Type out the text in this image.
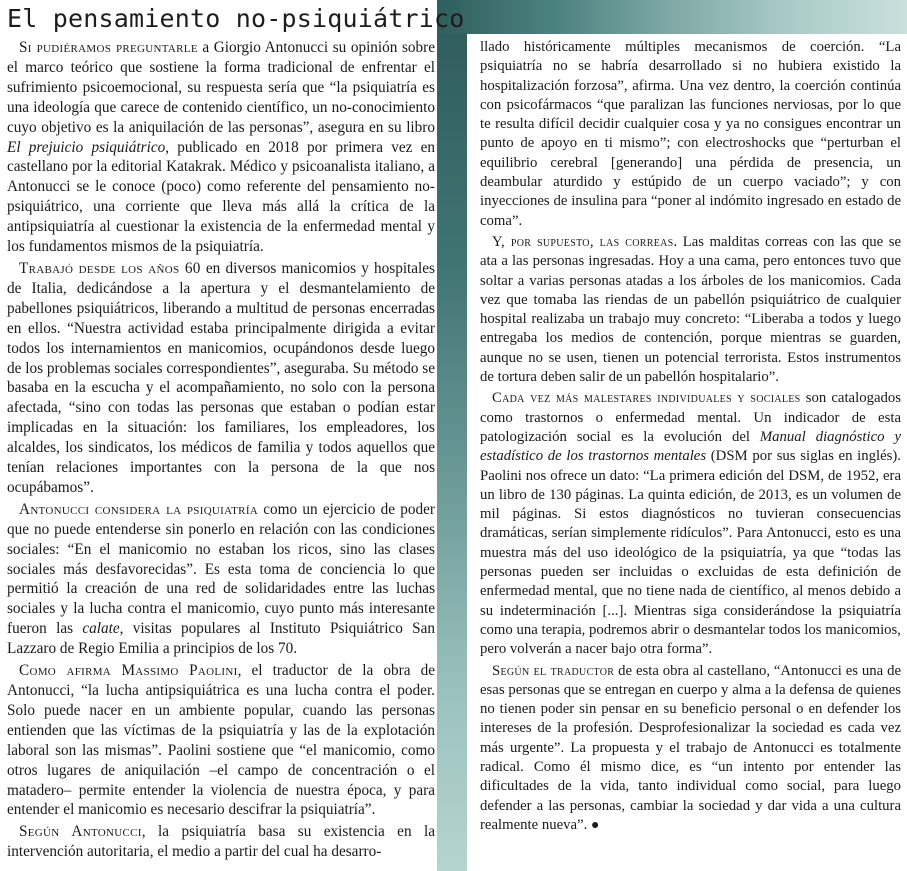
El pensamiento no-psiquiátrico

Si pudiéramos preguntarle a Giorgio Antonucci su opinión sobre el marco teórico que sostiene la forma tradicional de enfrentar el sufrimiento psicoemocional, su respuesta sería que “la psiquiatría es una ideología que carece de contenido científico, un no-conocimiento cuyo objetivo es la aniquilación de las personas”, asegura en su libro El prejuicio psiquiátrico, publicado en 2018 por primera vez en castellano por la editorial Katakrak. Médico y psicoanalista italiano, a Antonucci se le conoce (poco) como referente del pensamiento no-psiquiátrico, una corriente que lleva más allá la crítica de la antipsiquiatría al cuestionar la existencia de la enfermedad mental y los fundamentos mismos de la psiquiatría.

Trabajó desde los años 60 en diversos manicomios y hospitales de Italia, dedicándose a la apertura y el desmantelamiento de pabellones psiquiátricos, liberando a multitud de personas encerradas en ellos. “Nuestra actividad estaba principalmente dirigida a evitar todos los internamientos en manicomios, ocupándonos desde luego de los problemas sociales correspondientes”, aseguraba. Su método se basaba en la escucha y el acompañamiento, no solo con la persona afectada, “sino con todas las personas que estaban o podían estar implicadas en la situación: los familiares, los empleadores, los alcaldes, los sindicatos, los médicos de familia y todos aquellos que tenían relaciones importantes con la persona de la que nos ocupábamos”.

Antonucci considera la psiquiatría como un ejercicio de poder que no puede entenderse sin ponerlo en relación con las condiciones sociales: “En el manicomio no estaban los ricos, sino las clases sociales más desfavorecidas”. Es esta toma de conciencia lo que permitió la creación de una red de solidaridades entre las luchas sociales y la lucha contra el manicomio, cuyo punto más interesante fueron las calate, visitas populares al Instituto Psiquiátrico San Lazzaro de Regio Emilia a principios de los 70.

Como afirma Massimo Paolini, el traductor de la obra de Antonucci, “la lucha antipsiquiátrica es una lucha contra el poder. Solo puede nacer en un ambiente popular, cuando las personas entienden que las víctimas de la psiquiatría y las de la explotación laboral son las mismas”. Paolini sostiene que “el manicomio, como otros lugares de aniquilación –el campo de concentración o el matadero– permite entender la violencia de nuestra época, y para entender el manicomio es necesario descifrar la psiquiatría”.

Según Antonucci, la psiquiatría basa su existencia en la intervención autoritaria, el medio a partir del cual ha desarro-

llado históricamente múltiples mecanismos de coerción. “La psiquiatría no se habría desarrollado si no hubiera existido la hospitalización forzosa”, afirma. Una vez dentro, la coerción continúa con psicofármacos “que paralizan las funciones nerviosas, por lo que te resulta difícil decidir cualquier cosa y ya no consigues encontrar un punto de apoyo en ti mismo”; con electroshocks que “perturban el equilibrio cerebral [generando] una pérdida de presencia, un deambular aturdido y estúpido de un cuerpo vaciado”; y con inyecciones de insulina para “poner al indómito ingresado en estado de coma”.

Y, por supuesto, las correas. Las malditas correas con las que se ata a las personas ingresadas. Hoy a una cama, pero entonces tuvo que soltar a varias personas atadas a los árboles de los manicomios. Cada vez que tomaba las riendas de un pabellón psiquiátrico de cualquier hospital realizaba un trabajo muy concreto: “Liberaba a todos y luego entregaba los medios de contención, porque mientras se guarden, aunque no se usen, tienen un potencial terrorista. Estos instrumentos de tortura deben salir de un pabellón hospitalario”.

Cada vez más malestares individuales y sociales son catalogados como trastornos o enfermedad mental. Un indicador de esta patologización social es la evolución del Manual diagnóstico y estadístico de los trastornos mentales (DSM por sus siglas en inglés). Paolini nos ofrece un dato: “La primera edición del DSM, de 1952, era un libro de 130 páginas. La quinta edición, de 2013, es un volumen de mil páginas. Si estos diagnósticos no tuvieran consecuencias dramáticas, serían simplemente ridículos”. Para Antonucci, esto es una muestra más del uso ideológico de la psiquiatría, ya que “todas las personas pueden ser incluidas o excluidas de esta definición de enfermedad mental, que no tiene nada de científico, al menos debido a su indeterminación [...]. Mientras siga considerándose la psiquiatría como una terapia, podremos abrir o desmantelar todos los manicomios, pero volverán a nacer bajo otra forma”.

Según el traductor de esta obra al castellano, “Antonucci es una de esas personas que se entregan en cuerpo y alma a la defensa de quienes no tienen poder sin pensar en su beneficio personal o en defender los intereses de la profesión. Desprofesionalizar la sociedad es cada vez más urgente”. La propuesta y el trabajo de Antonucci es totalmente radical. Como él mismo dice, es “un intento por entender las dificultades de la vida, tanto individual como social, para luego defender a las personas, cambiar la sociedad y dar vida a una cultura realmente nueva”. ●
